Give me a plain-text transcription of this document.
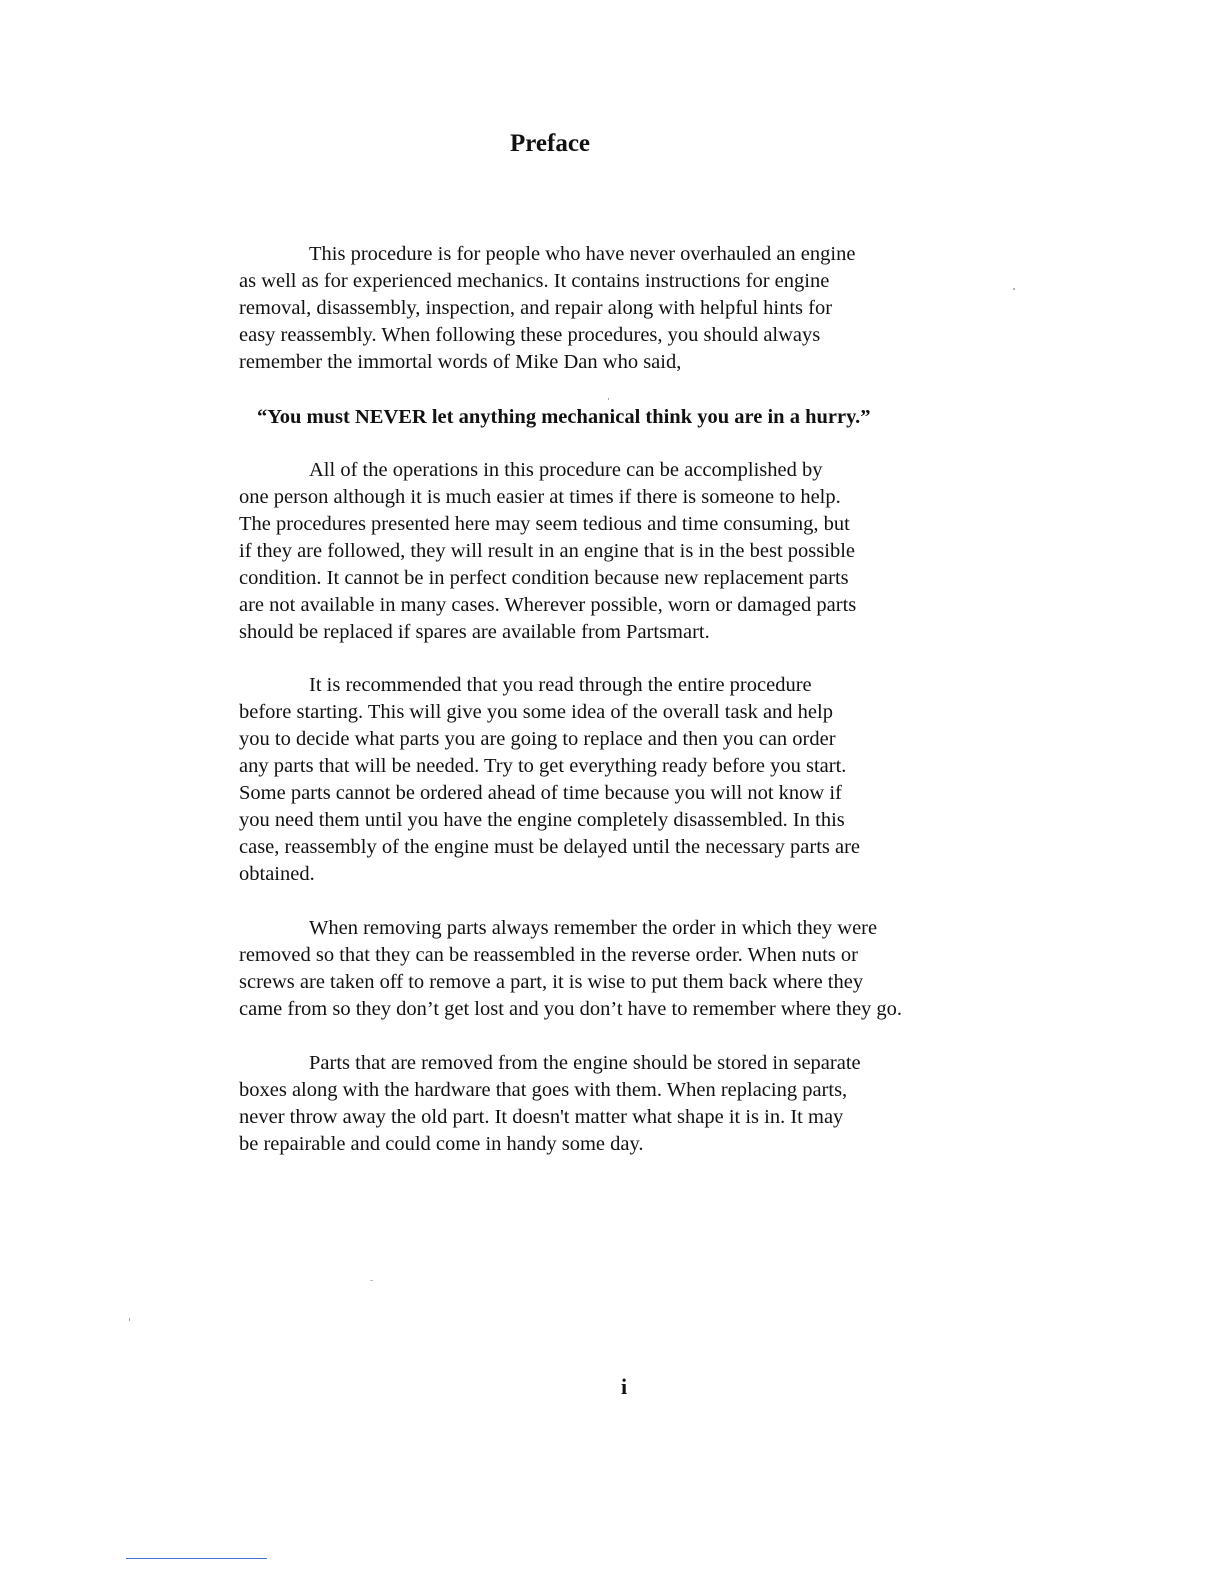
Preface
This procedure is for people who have never overhauled an engine
as well as for experienced mechanics. It contains instructions for engine
removal, disassembly, inspection, and repair along with helpful hints for
easy reassembly. When following these procedures, you should always
remember the immortal words of Mike Dan who said,
“You must NEVER let anything mechanical think you are in a hurry.”
All of the operations in this procedure can be accomplished by
one person although it is much easier at times if there is someone to help.
The procedures presented here may seem tedious and time consuming, but
if they are followed, they will result in an engine that is in the best possible
condition. It cannot be in perfect condition because new replacement parts
are not available in many cases. Wherever possible, worn or damaged parts
should be replaced if spares are available from Partsmart.
It is recommended that you read through the entire procedure
before starting. This will give you some idea of the overall task and help
you to decide what parts you are going to replace and then you can order
any parts that will be needed. Try to get everything ready before you start.
Some parts cannot be ordered ahead of time because you will not know if
you need them until you have the engine completely disassembled. In this
case, reassembly of the engine must be delayed until the necessary parts are
obtained.
When removing parts always remember the order in which they were
removed so that they can be reassembled in the reverse order. When nuts or
screws are taken off to remove a part, it is wise to put them back where they
came from so they don’t get lost and you don’t have to remember where they go.
Parts that are removed from the engine should be stored in separate
boxes along with the hardware that goes with them. When replacing parts,
never throw away the old part. It doesn't matter what shape it is in. It may
be repairable and could come in handy some day.
i
